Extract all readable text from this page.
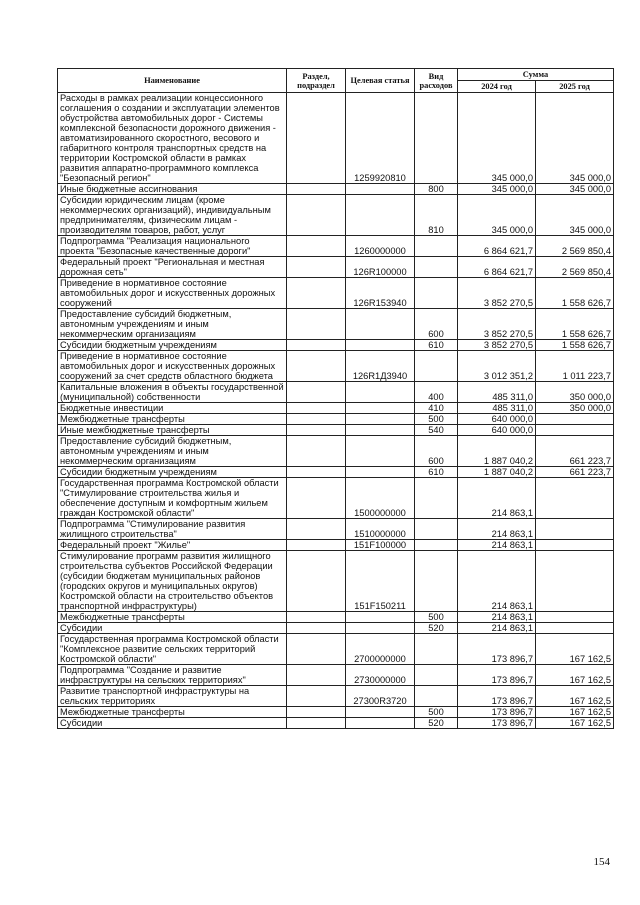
Наименование	Раздел, подраздел	Целевая статья	Вид расходов	Сумма	
				2024 год	2025 год
Расходы в рамках реализации концессионного соглашения о создании и эксплуатации элементов обустройства автомобильных дорог - Системы комплексной безопасности дорожного движения - автоматизированного скоростного, весового и габаритного контроля транспортных средств на территории Костромской области в рамках развития аппаратно-программного комплекса "Безопасный регион"		1259920810		345 000,0	345 000,0
Иные бюджетные ассигнования			800	345 000,0	345 000,0
Субсидии юридическим лицам (кроме некоммерческих организаций), индивидуальным предпринимателям, физическим лицам - производителям товаров, работ, услуг			810	345 000,0	345 000,0
Подпрограмма "Реализация национального проекта "Безопасные качественные дороги"		1260000000		6 864 621,7	2 569 850,4
Федеральный проект "Региональная и местная дорожная сеть"		126R100000		6 864 621,7	2 569 850,4
Приведение в нормативное состояние автомобильных дорог и искусственных дорожных сооружений		126R153940		3 852 270,5	1 558 626,7
Предоставление субсидий бюджетным, автономным учреждениям и иным некоммерческим организациям			600	3 852 270,5	1 558 626,7
Субсидии бюджетным учреждениям			610	3 852 270,5	1 558 626,7
Приведение в нормативное состояние автомобильных дорог и искусственных дорожных сооружений за счет средств областного бюджета		126R1Д3940		3 012 351,2	1 011 223,7
Капитальные вложения в объекты государственной (муниципальной) собственности			400	485 311,0	350 000,0
Бюджетные инвестиции			410	485 311,0	350 000,0
Межбюджетные трансферты			500	640 000,0	
Иные межбюджетные трансферты			540	640 000,0	
Предоставление субсидий бюджетным, автономным учреждениям и иным некоммерческим организациям			600	1 887 040,2	661 223,7
Субсидии бюджетным учреждениям			610	1 887 040,2	661 223,7
Государственная программа Костромской области "Стимулирование строительства жилья и обеспечение доступным и комфортным жильем граждан Костромской области"		1500000000		214 863,1	
Подпрограмма "Стимулирование развития жилищного строительства"		1510000000		214 863,1	
Федеральный проект "Жилье"		151F100000		214 863,1	
Стимулирование программ развития жилищного строительства субъектов Российской Федерации (субсидии бюджетам муниципальных районов (городских округов и муниципальных округов) Костромской области на строительство объектов транспортной инфраструктуры)		151F150211		214 863,1	
Межбюджетные трансферты			500	214 863,1	
Субсидии			520	214 863,1	
Государственная программа Костромской области "Комплексное развитие сельских территорий Костромской области"		2700000000		173 896,7	167 162,5
Подпрограмма "Создание и развитие инфраструктуры на сельских территориях"		2730000000		173 896,7	167 162,5
Развитие транспортной инфраструктуры на сельских территориях		27300R3720		173 896,7	167 162,5
Межбюджетные трансферты			500	173 896,7	167 162,5
Субсидии			520	173 896,7	167 162,5
154
